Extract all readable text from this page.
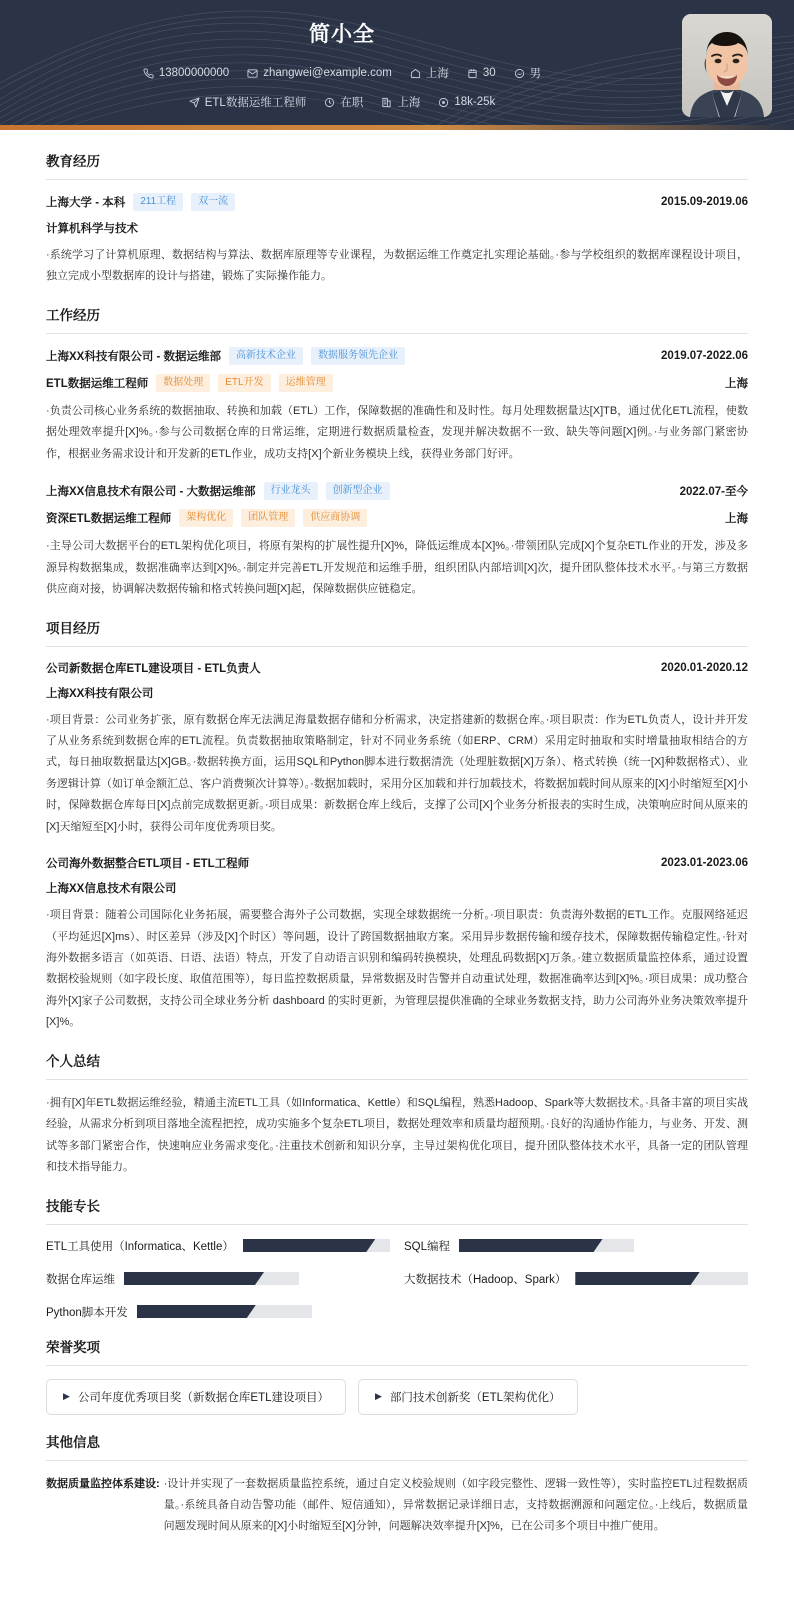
简小全
13800000000	zhangwei@example.com	上海	30	男
ETL数据运维工程师	在职	上海	18k-25k
教育经历
上海大学 - 本科	211工程	双一流	2015.09-2019.06
计算机科学与技术
·系统学习了计算机原理、数据结构与算法、数据库原理等专业课程，为数据运维工作奠定扎实理论基础。·参与学校组织的数据库课程设计项目，独立完成小型数据库的设计与搭建，锻炼了实际操作能力。
工作经历
上海XX科技有限公司 - 数据运维部	高新技术企业	数据服务领先企业	2019.07-2022.06
ETL数据运维工程师	数据处理	ETL开发	运维管理	上海
·负责公司核心业务系统的数据抽取、转换和加载（ETL）工作，保障数据的准确性和及时性。每月处理数据量达[X]TB，通过优化ETL流程，使数据处理效率提升[X]%。·参与公司数据仓库的日常运维，定期进行数据质量检查，发现并解决数据不一致、缺失等问题[X]例。·与业务部门紧密协作，根据业务需求设计和开发新的ETL作业，成功支持[X]个新业务模块上线，获得业务部门好评。
上海XX信息技术有限公司 - 大数据运维部	行业龙头	创新型企业	2022.07-至今
资深ETL数据运维工程师	架构优化	团队管理	供应商协调	上海
·主导公司大数据平台的ETL架构优化项目，将原有架构的扩展性提升[X]%，降低运维成本[X]%。·带领团队完成[X]个复杂ETL作业的开发，涉及多源异构数据集成，数据准确率达到[X]%。·制定并完善ETL开发规范和运维手册，组织团队内部培训[X]次，提升团队整体技术水平。·与第三方数据供应商对接，协调解决数据传输和格式转换问题[X]起，保障数据供应链稳定。
项目经历
公司新数据仓库ETL建设项目 - ETL负责人	2020.01-2020.12
上海XX科技有限公司
·项目背景：公司业务扩张，原有数据仓库无法满足海量数据存储和分析需求，决定搭建新的数据仓库。·项目职责：作为ETL负责人，设计并开发了从业务系统到数据仓库的ETL流程。负责数据抽取策略制定，针对不同业务系统（如ERP、CRM）采用定时抽取和实时增量抽取相结合的方式，每日抽取数据量达[X]GB。·数据转换方面，运用SQL和Python脚本进行数据清洗（处理脏数据[X]万条）、格式转换（统一[X]种数据格式）、业务逻辑计算（如订单金额汇总、客户消费频次计算等）。·数据加载时，采用分区加载和并行加载技术，将数据加载时间从原来的[X]小时缩短至[X]小时，保障数据仓库每日[X]点前完成数据更新。·项目成果：新数据仓库上线后，支撑了公司[X]个业务分析报表的实时生成，决策响应时间从原来的[X]天缩短至[X]小时，获得公司年度优秀项目奖。
公司海外数据整合ETL项目 - ETL工程师	2023.01-2023.06
上海XX信息技术有限公司
·项目背景：随着公司国际化业务拓展，需要整合海外子公司数据，实现全球数据统一分析。·项目职责：负责海外数据的ETL工作。克服网络延迟（平均延迟[X]ms）、时区差异（涉及[X]个时区）等问题，设计了跨国数据抽取方案。采用异步数据传输和缓存技术，保障数据传输稳定性。·针对海外数据多语言（如英语、日语、法语）特点，开发了自动语言识别和编码转换模块，处理乱码数据[X]万条。·建立数据质量监控体系，通过设置数据校验规则（如字段长度、取值范围等），每日监控数据质量，异常数据及时告警并自动重试处理，数据准确率达到[X]%。·项目成果：成功整合海外[X]家子公司数据，支持公司全球业务分析 dashboard 的实时更新，为管理层提供准确的全球业务数据支持，助力公司海外业务决策效率提升[X]%。
个人总结
·拥有[X]年ETL数据运维经验，精通主流ETL工具（如Informatica、Kettle）和SQL编程，熟悉Hadoop、Spark等大数据技术。·具备丰富的项目实战经验，从需求分析到项目落地全流程把控，成功实施多个复杂ETL项目，数据处理效率和质量均超预期。·良好的沟通协作能力，与业务、开发、测试等多部门紧密合作，快速响应业务需求变化。·注重技术创新和知识分享，主导过架构优化项目，提升团队整体技术水平，具备一定的团队管理和技术指导能力。
技能专长
ETL工具使用（Informatica、Kettle）	SQL编程
数据仓库运维	大数据技术（Hadoop、Spark）
Python脚本开发
荣誉奖项
▶ 公司年度优秀项目奖（新数据仓库ETL建设项目）	▶ 部门技术创新奖（ETL架构优化）
其他信息
数据质量监控体系建设: ·设计并实现了一套数据质量监控系统，通过自定义校验规则（如字段完整性、逻辑一致性等），实时监控ETL过程数据质量。·系统具备自动告警功能（邮件、短信通知），异常数据记录详细日志，支持数据溯源和问题定位。·上线后，数据质量问题发现时间从原来的[X]小时缩短至[X]分钟，问题解决效率提升[X]%，已在公司多个项目中推广使用。
